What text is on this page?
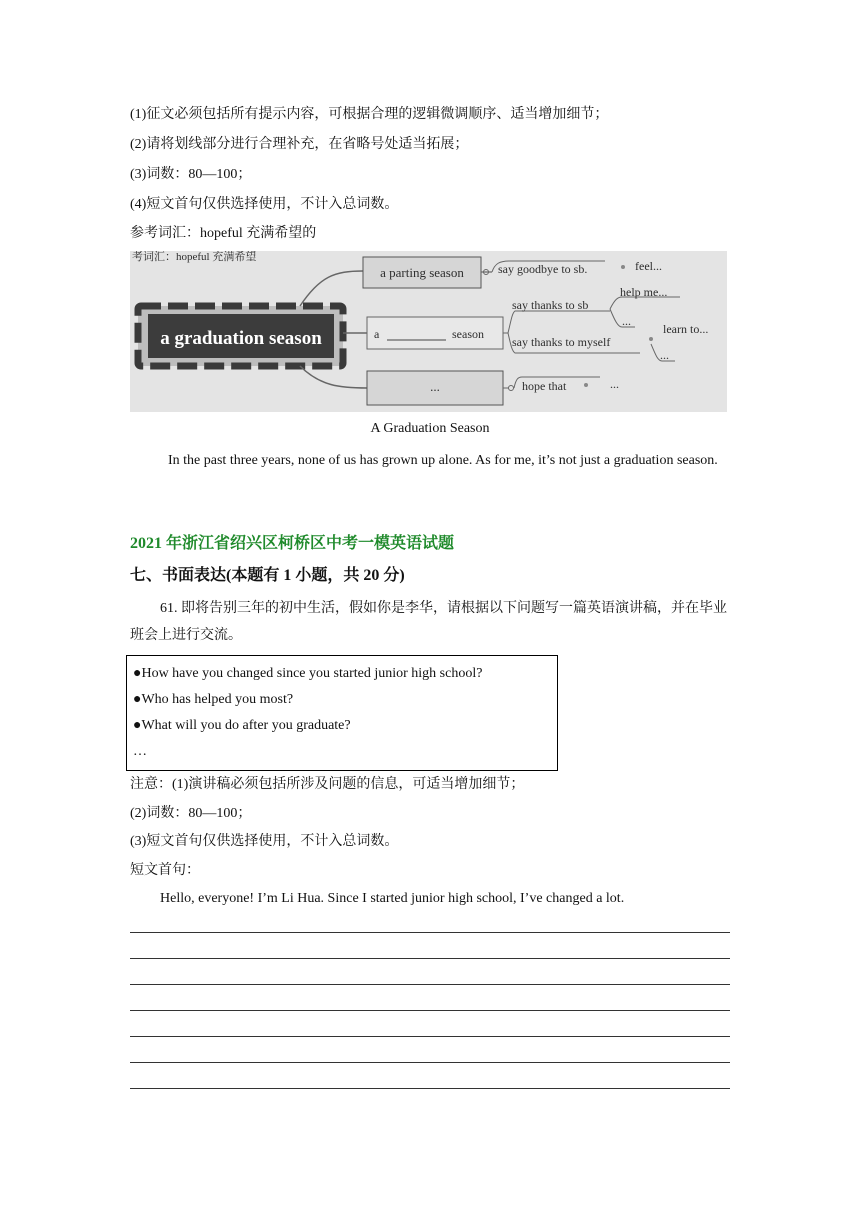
(1)征文必须包括所有提示内容，可根据合理的逻辑微调顺序、适当增加细节；
(2)请将划线部分进行合理补充，在省略号处适当拓展；
(3)词数：80—100；
(4)短文首句仅供选择使用，不计入总词数。
参考词汇：hopeful 充满希望的
考词汇：hopeful 充满希望
a graduation season
a parting season	say goodbye to sb.	feel...
a	season
say thanks to sb
say thanks to myself
help me...
...
learn to...
...
...	hope that	...
A Graduation Season
In the past three years, none of us has grown up alone. As for me, it’s not just a graduation season.
2021 年浙江省绍兴区柯桥区中考一模英语试题
七、书面表达(本题有 1 小题，共 20 分)
61. 即将告别三年的初中生活，假如你是李华，请根据以下问题写一篇英语演讲稿，并在毕业班会上进行交流。
●How have you changed since you started junior high school?
●Who has helped you most?
●What will you do after you graduate?
…
注意：(1)演讲稿必须包括所涉及问题的信息，可适当增加细节；
(2)词数：80—100；
(3)短文首句仅供选择使用，不计入总词数。
短文首句：
Hello, everyone! I’m Li Hua. Since I started junior high school, I’ve changed a lot.
